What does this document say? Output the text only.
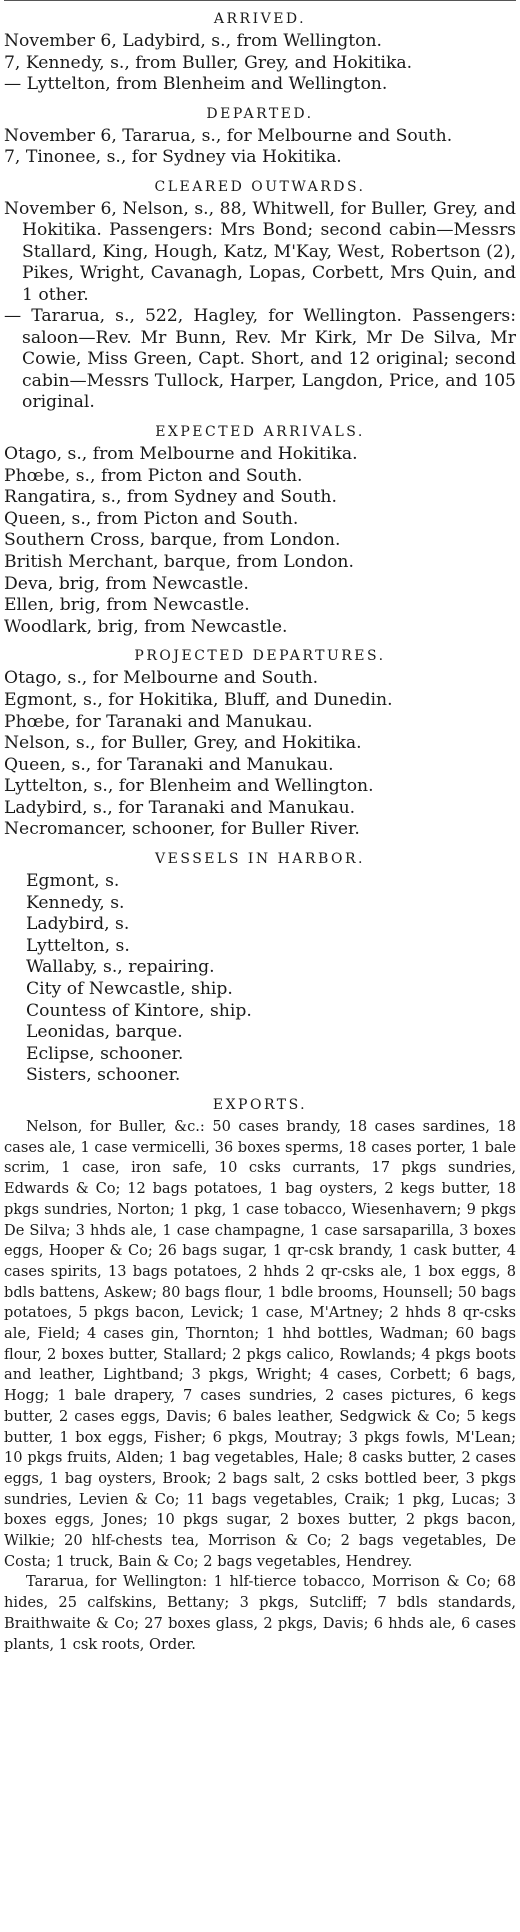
ARRIVED.

November 6, Ladybird, s., from Wellington.

7, Kennedy, s., from Buller, Grey, and Hokitika.

— Lyttelton, from Blenheim and Wellington.

DEPARTED.

November 6, Tararua, s., for Melbourne and South.

7, Tinonee, s., for Sydney via Hokitika.

CLEARED OUTWARDS.

November 6, Nelson, s., 88, Whitwell, for Buller, Grey, and Hokitika. Passengers: Mrs Bond; second cabin—Messrs Stallard, King, Hough, Katz, M'Kay, West, Robertson (2), Pikes, Wright, Cavanagh, Lopas, Corbett, Mrs Quin, and 1 other.

— Tararua, s., 522, Hagley, for Wellington. Passengers: saloon—Rev. Mr Bunn, Rev. Mr Kirk, Mr De Silva, Mr Cowie, Miss Green, Capt. Short, and 12 original; second cabin—Messrs Tullock, Harper, Langdon, Price, and 105 original.

EXPECTED ARRIVALS.

Otago, s., from Melbourne and Hokitika.

Phœbe, s., from Picton and South.

Rangatira, s., from Sydney and South.

Queen, s., from Picton and South.

Southern Cross, barque, from London.

British Merchant, barque, from London.

Deva, brig, from Newcastle.

Ellen, brig, from Newcastle.

Woodlark, brig, from Newcastle.

PROJECTED DEPARTURES.

Otago, s., for Melbourne and South.

Egmont, s., for Hokitika, Bluff, and Dunedin.

Phœbe, for Taranaki and Manukau.

Nelson, s., for Buller, Grey, and Hokitika.

Queen, s., for Taranaki and Manukau.

Lyttelton, s., for Blenheim and Wellington.

Ladybird, s., for Taranaki and Manukau.

Necromancer, schooner, for Buller River.

VESSELS IN HARBOR.

Egmont, s.

Kennedy, s.

Ladybird, s.

Lyttelton, s.

Wallaby, s., repairing.

City of Newcastle, ship.

Countess of Kintore, ship.

Leonidas, barque.

Eclipse, schooner.

Sisters, schooner.

EXPORTS.

Nelson, for Buller, &c.: 50 cases brandy, 18 cases sardines, 18 cases ale, 1 case vermicelli, 36 boxes sperms, 18 cases porter, 1 bale scrim, 1 case, iron safe, 10 csks currants, 17 pkgs sundries, Edwards & Co; 12 bags potatoes, 1 bag oysters, 2 kegs butter, 18 pkgs sundries, Norton; 1 pkg, 1 case tobacco, Wiesenhavern; 9 pkgs De Silva; 3 hhds ale, 1 case champagne, 1 case sarsaparilla, 3 boxes eggs, Hooper & Co; 26 bags sugar, 1 qr-csk brandy, 1 cask butter, 4 cases spirits, 13 bags potatoes, 2 hhds 2 qr-csks ale, 1 box eggs, 8 bdls battens, Askew; 80 bags flour, 1 bdle brooms, Hounsell; 50 bags potatoes, 5 pkgs bacon, Levick; 1 case, M'Artney; 2 hhds 8 qr-csks ale, Field; 4 cases gin, Thornton; 1 hhd bottles, Wadman; 60 bags flour, 2 boxes butter, Stallard; 2 pkgs calico, Rowlands; 4 pkgs boots and leather, Lightband; 3 pkgs, Wright; 4 cases, Corbett; 6 bags, Hogg; 1 bale drapery, 7 cases sundries, 2 cases pictures, 6 kegs butter, 2 cases eggs, Davis; 6 bales leather, Sedgwick & Co; 5 kegs butter, 1 box eggs, Fisher; 6 pkgs, Moutray; 3 pkgs fowls, M'Lean; 10 pkgs fruits, Alden; 1 bag vegetables, Hale; 8 casks butter, 2 cases eggs, 1 bag oysters, Brook; 2 bags salt, 2 csks bottled beer, 3 pkgs sundries, Levien & Co; 11 bags vegetables, Craik; 1 pkg, Lucas; 3 boxes eggs, Jones; 10 pkgs sugar, 2 boxes butter, 2 pkgs bacon, Wilkie; 20 hlf-chests tea, Morrison & Co; 2 bags vegetables, De Costa; 1 truck, Bain & Co; 2 bags vegetables, Hendrey.

Tararua, for Wellington: 1 hlf-tierce tobacco, Morrison & Co; 68 hides, 25 calfskins, Bettany; 3 pkgs, Sutcliff; 7 bdls standards, Braithwaite & Co; 27 boxes glass, 2 pkgs, Davis; 6 hhds ale, 6 cases plants, 1 csk roots, Order.
